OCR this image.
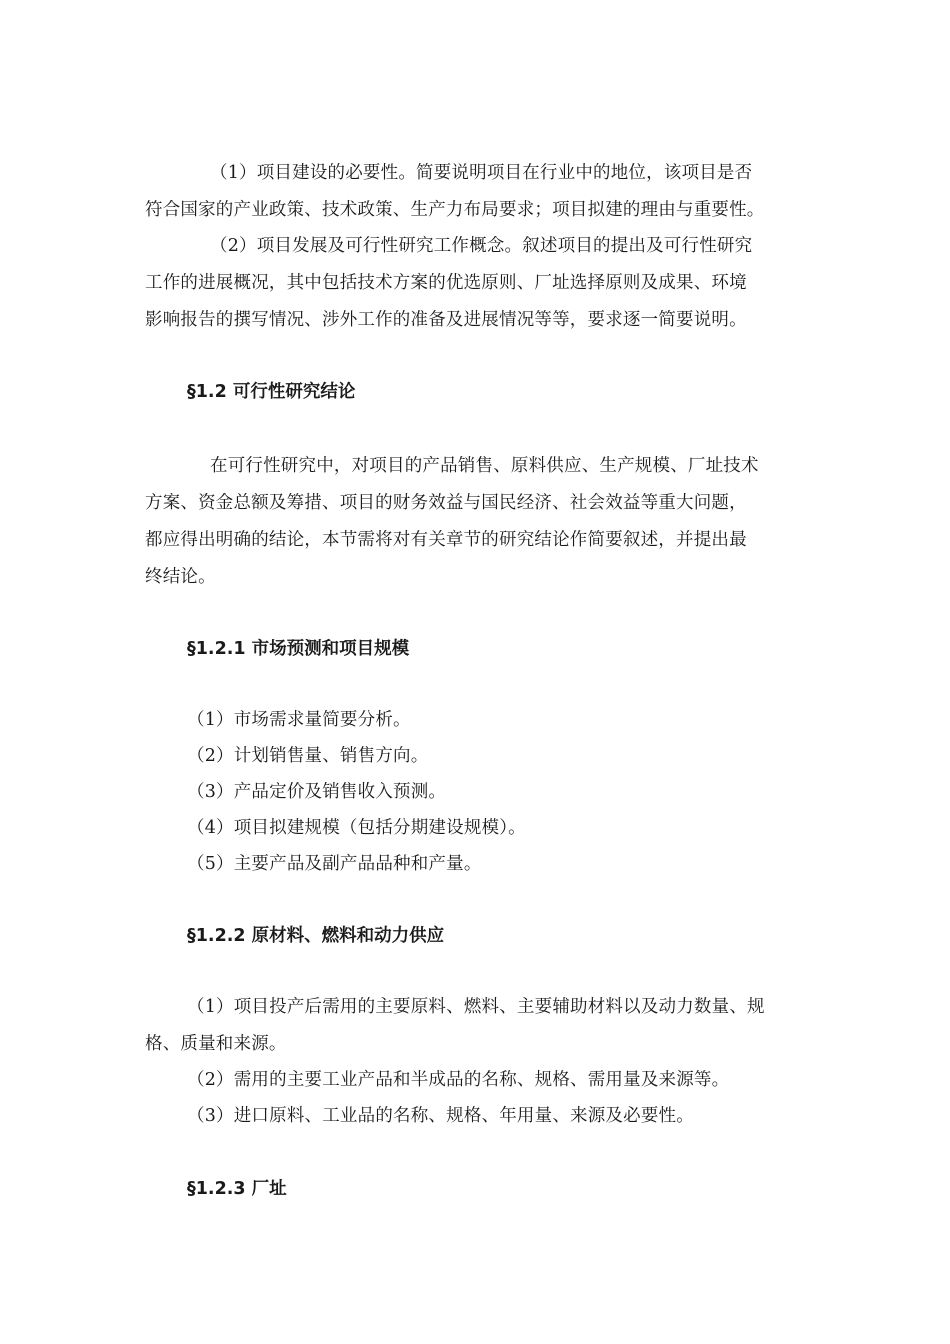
（1）项目建设的必要性。简要说明项目在行业中的地位，该项目是否
符合国家的产业政策、技术政策、生产力布局要求；项目拟建的理由与重要性。
（2）项目发展及可行性研究工作概念。叙述项目的提出及可行性研究
工作的进展概况，其中包括技术方案的优选原则、厂址选择原则及成果、环境
影响报告的撰写情况、涉外工作的准备及进展情况等等，要求逐一简要说明。
§1.2 可行性研究结论
在可行性研究中，对项目的产品销售、原料供应、生产规模、厂址技术
方案、资金总额及筹措、项目的财务效益与国民经济、社会效益等重大问题，
都应得出明确的结论，本节需将对有关章节的研究结论作简要叙述，并提出最
终结论。
§1.2.1 市场预测和项目规模
（1）市场需求量简要分析。
（2）计划销售量、销售方向。
（3）产品定价及销售收入预测。
（4）项目拟建规模（包括分期建设规模）。
（5）主要产品及副产品品种和产量。
§1.2.2 原材料、燃料和动力供应
（1）项目投产后需用的主要原料、燃料、主要辅助材料以及动力数量、规
格、质量和来源。
（2）需用的主要工业产品和半成品的名称、规格、需用量及来源等。
（3）进口原料、工业品的名称、规格、年用量、来源及必要性。
§1.2.3 厂址
